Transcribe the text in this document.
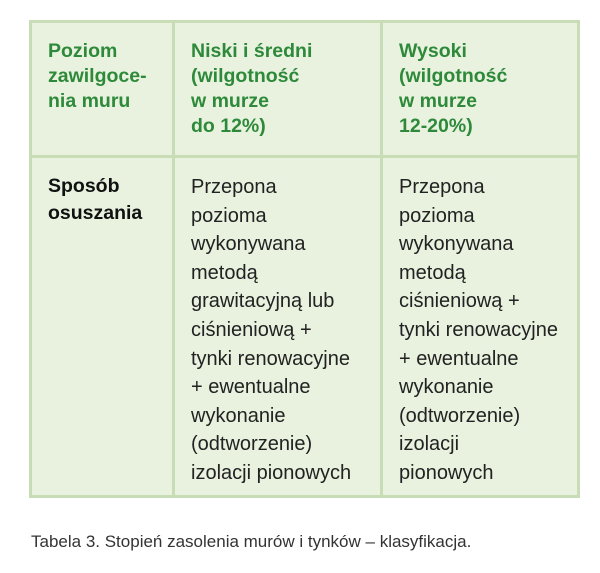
Poziom
zawilgoce-
nia muru
Niski i średni
(wilgotność
w murze
do 12%)
Wysoki
(wilgotność
w murze
12-20%)
Sposób
osuszania
Przepona
pozioma
wykonywana
metodą
grawitacyjną lub
ciśnieniową +
tynki renowacyjne
+ ewentualne
wykonanie
(odtworzenie)
izolacji pionowych
Przepona
pozioma
wykonywana
metodą
ciśnieniową +
tynki renowacyjne
+ ewentualne
wykonanie
(odtworzenie)
izolacji
pionowych
Tabela 3. Stopień zasolenia murów i tynków – klasyfikacja.
